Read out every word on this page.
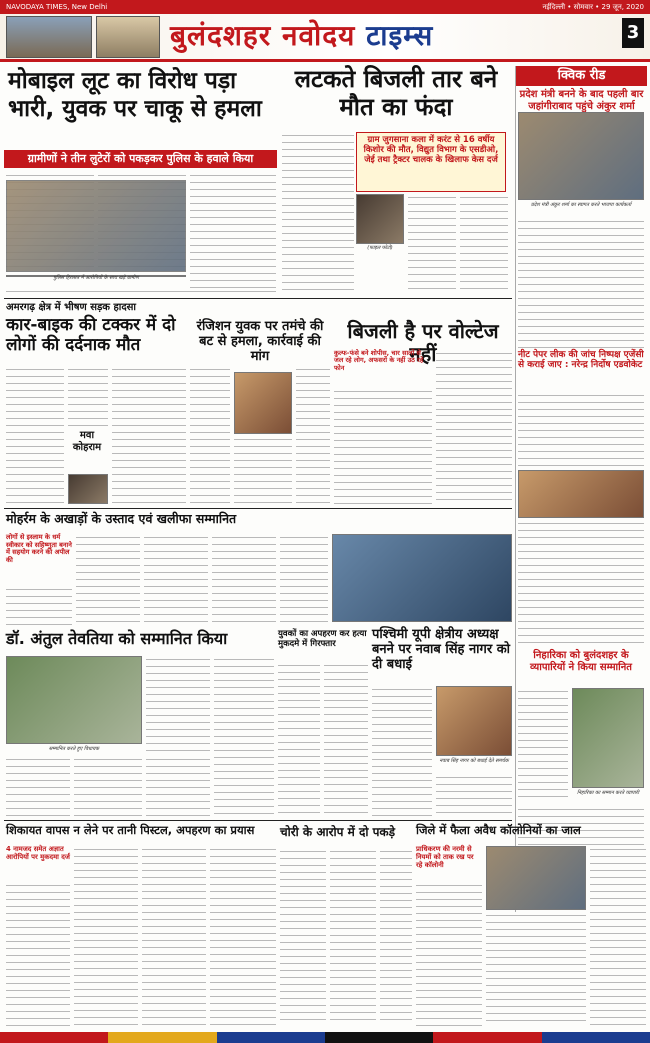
NAVODAYA TIMES, New Delhi	नईदिल्ली • सोमवार • 29 जून, 2020
बुलंदशहर नवोदय टाइम्स	3
मोबाइल लूट का विरोध पड़ा भारी, युवक पर चाकू से हमला
ग्रामीणों ने तीन लुटेरों को पकड़कर पुलिस के हवाले किया
पुलिस हिरासत में आरोपियों के साथ खड़े ग्रामीण
लटकते बिजली तार बने मौत का फंदा
ग्राम जुगसाना कला में करंट से 16 वर्षीय किशोर की मौत, विद्युत विभाग के एसडीओ, जेई तथा ट्रैक्टर चालक के खिलाफ केस दर्ज
(फाइल फोटो)
क्विक रीड
प्रदेश मंत्री बनने के बाद पहली बार जहांगीराबाद पहुंचे अंकुर शर्मा
प्रदेश मंत्री अंकुर शर्मा का स्वागत करते भाजपा कार्यकर्ता
नीट पेपर लीक की जांच निष्पक्ष एजेंसी से कराई जाए : नरेन्द्र निर्दोष एडवोकेट
निहारिका को बुलंदशहर के व्यापारियों ने किया सम्मानित
निहारिका का सम्मान करते व्यापारी
अमरगढ़ क्षेत्र में भीषण सड़क हादसा
कार-बाइक की टक्कर में दो लोगों की दर्दनाक मौत
मवा कोहराम
रंजिशन युवक पर तमंचे की बट से हमला, कार्रवाई की मांग
बिजली है पर वोल्टेज नहीं
कुल्फ-फंसे बने शोपीस, चार सालों से जल रहे लोग, अफसरों के नहीं उठ रहे फोन
मोहर्रम के अखाड़ों के उस्ताद एवं खलीफा सम्मानित
लोगों से इस्लाम के धर्म स्वीकार को सहिष्णुता बनाने में सहयोग करने की अपील की
डॉ. अंतुल तेवतिया को सम्मानित किया
सम्मानित करते हुए विधायक
युवकों का अपहरण कर हत्या मुकदमे में गिरफ्तार
पश्चिमी यूपी क्षेत्रीय अध्यक्ष बनने पर नवाब सिंह नागर को दी बधाई
नवाब सिंह नागर को बधाई देते समर्थक
शिकायत वापस न लेने पर तानी पिस्टल, अपहरण का प्रयास
4 नामजद समेत अज्ञात आरोपियों पर मुकदमा दर्ज
चोरी के आरोप में दो पकड़े	जिले में फैला अवैध कॉलोनियों का जाल
प्राधिकरण की नरमी से नियमों को ताक रख पर रहे कॉलोनी
